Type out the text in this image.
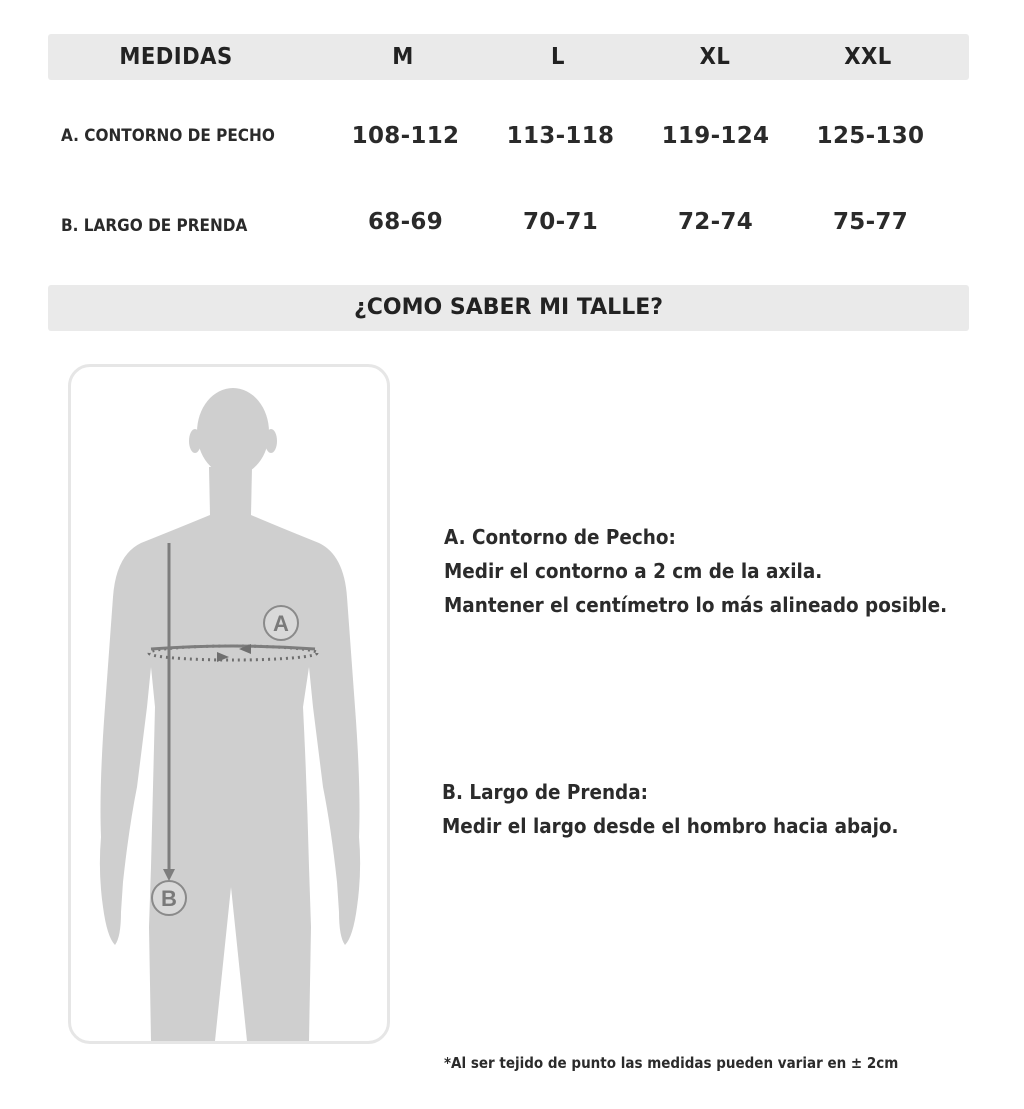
MEDIDAS	M	L	XL	XXL
A. CONTORNO DE PECHO	108-112	113-118	119-124	125-130
B. LARGO DE PRENDA	68-69	70-71	72-74	75-77
¿COMO SABER MI TALLE?
A
B
A. Contorno de Pecho:
Medir el contorno a 2 cm de la axila.
Mantener el centímetro lo más alineado posible.
B. Largo de Prenda:
Medir el largo desde el hombro hacia abajo.
*Al ser tejido de punto las medidas pueden variar en ± 2cm
